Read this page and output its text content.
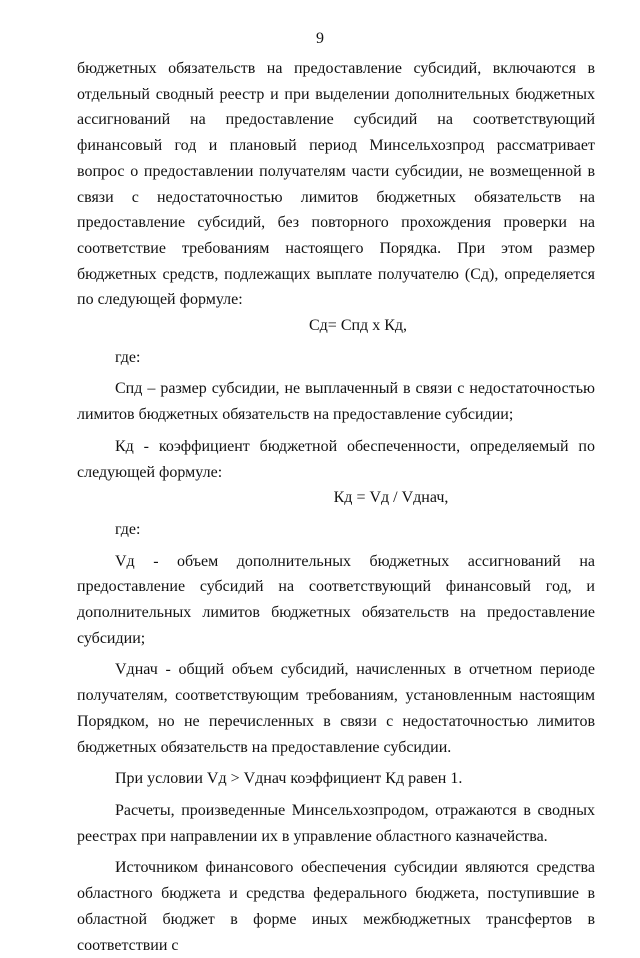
9

бюджетных обязательств на предоставление субсидий, включаются в отдельный сводный реестр и при выделении дополнительных бюджетных ассигнований на предоставление субсидий на соответствующий финансовый год и плановый период Минсельхозпрод рассматривает вопрос о предоставлении получателям части субсидии, не возмещенной в связи с недостаточностью лимитов бюджетных обязательств на предоставление субсидий, без повторного прохождения проверки на соответствие требованиям настоящего Порядка. При этом размер бюджетных средств, подлежащих выплате получателю (Сд), определяется по следующей формуле:

Сд= Спд х Кд,

где:

Спд – размер субсидии, не выплаченный в связи с недостаточностью лимитов бюджетных обязательств на предоставление субсидии;

Кд - коэффициент бюджетной обеспеченности, определяемый по следующей формуле:

Кд = Vд / Vднач,

где:

Vд - объем дополнительных бюджетных ассигнований на предоставление субсидий на соответствующий финансовый год, и дополнительных лимитов бюджетных обязательств на предоставление субсидии;

Vднач - общий объем субсидий, начисленных в отчетном периоде получателям, соответствующим требованиям, установленным настоящим Порядком, но не перечисленных в связи с недостаточностью лимитов бюджетных обязательств на предоставление субсидии.

При условии Vд > Vднач коэффициент Кд равен 1.

Расчеты, произведенные Минсельхозпродом, отражаются в сводных реестрах при направлении их в управление областного казначейства.

Источником финансового обеспечения субсидии являются средства областного бюджета и средства федерального бюджета, поступившие в областной бюджет в форме иных межбюджетных трансфертов в соответствии с
